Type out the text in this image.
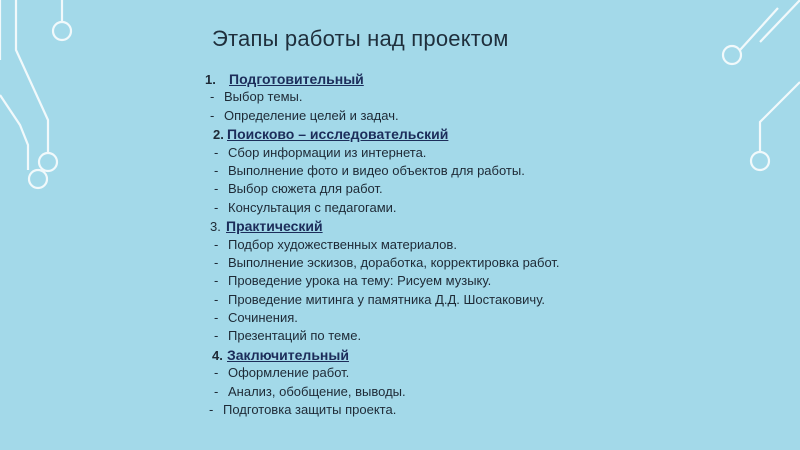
Этапы работы над проектом
1. Подготовительный
- Выбор темы.
- Определение целей и задач.
2. Поисково – исследовательский
- Сбор информации из интернета.
- Выполнение фото и видео объектов для работы.
- Выбор сюжета для работ.
- Консультация с педагогами.
3. Практический
- Подбор художественных материалов.
- Выполнение эскизов, доработка, корректировка работ.
- Проведение урока на тему: Рисуем музыку.
- Проведение митинга у памятника Д.Д. Шостаковичу.
- Сочинения.
- Презентаций по теме.
4. Заключительный
- Оформление работ.
- Анализ, обобщение, выводы.
- Подготовка защиты проекта.
